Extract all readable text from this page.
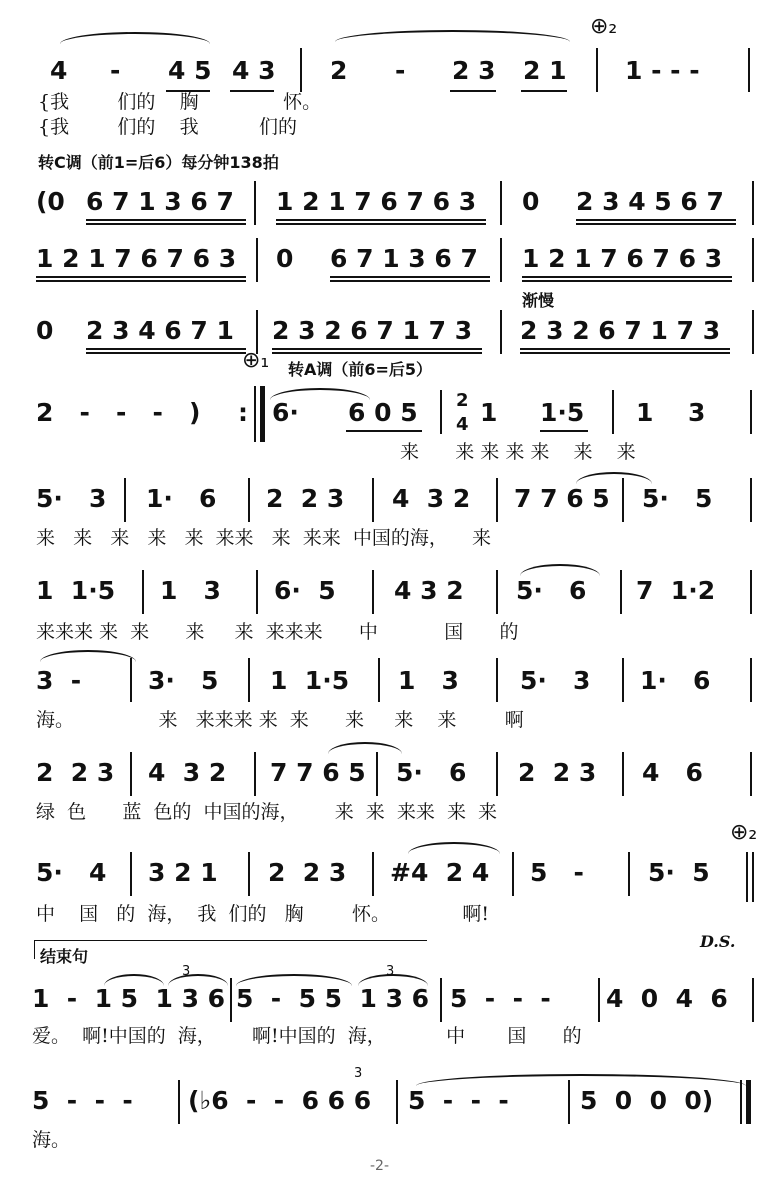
⊕₂
4 - 4 5 4 3 2 - 2 3 2 1 1 - - -
{我        们的    胸              怀。
{我        们的    我          们的
转C调（前1=后6）每分钟138拍
(0 6 7 1 3 6 7 1 2 1 7 6 7 6 3 0 2 3 4 5 6 7
1 2 1 7 6 7 6 3 0 6 7 1 3 6 7 1 2 1 7 6 7 6 3
渐慢
0 2 3 4 6 7 1 2 3 2 6 7 1 7 3 2 3 2 6 7 1 7 3
⊕₁ 转A调（前6=后5）
2   -   -   -   ) : 6· 6 0 5 2
4 1 1·5 1 3
来      来 来 来 来    来    来
5·   3 1·   6 2  2 3 4  3 2 7 7 6 5 5·   5
来   来   来   来   来  来来   来  来来  中国的海，    来
1  1·5 1   3 6·  5 4 3 2 5·   6 7  1·2
来来来 来  来      来     来  来来来      中           国      的
3  -	3·   5 1  1·5 1   3 5·   3 1·   6
海。              来   来来来 来  来      来     来    来        啊
2  2 3 4  3 2 7 7 6 5 5·   6 2  2 3 4   6
绿  色      蓝  色的  中国的海，      来  来  来来  来  来
⊕₂
5·   4 3 2 1 2  2 3 #4  2 4 5   -	5·  5
中    国   的  海，  我  们的   胸        怀。            啊!
结束句
D.S.
3	3
1  -  1 5  1 3 6 5  -  5 5  1 3 6 5  -  -  - 4  0  4  6
爱。  啊!中国的  海，      啊!中国的  海，          中       国      的
3
5  -  -  - (♭6  -  -  6 6 6 5  -  -  -	5  0  0  0)
海。
-2-
